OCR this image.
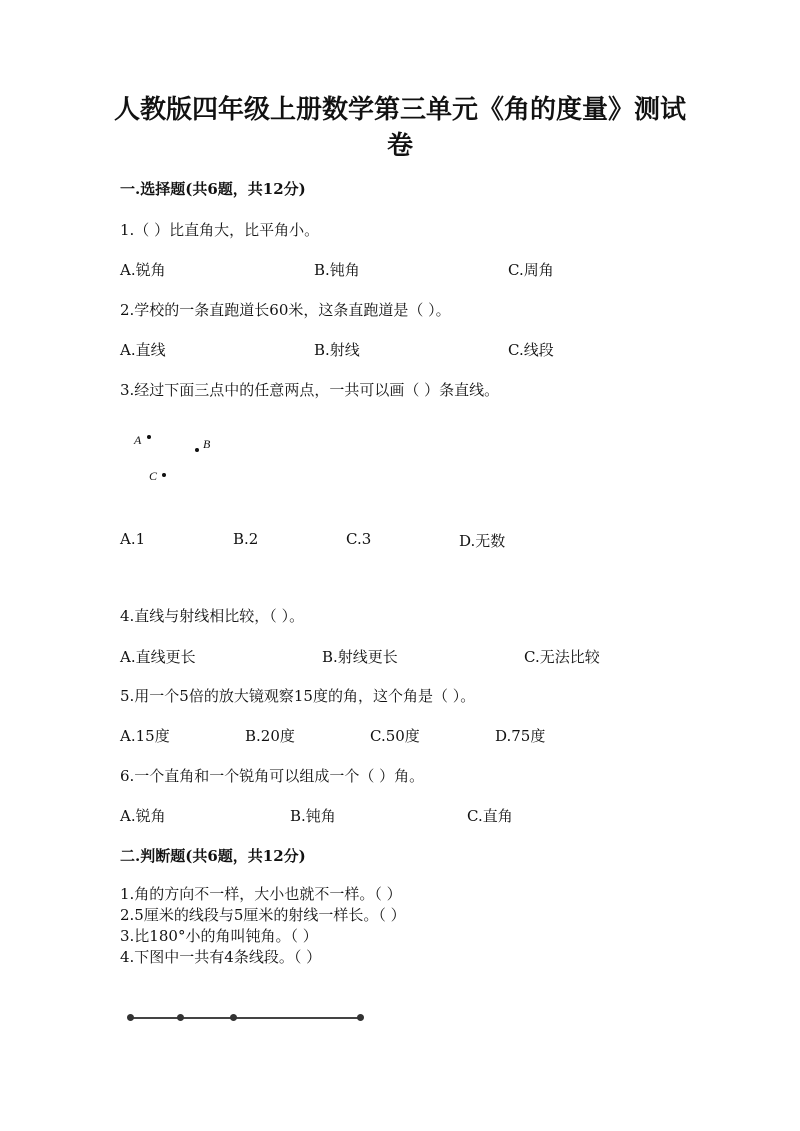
人教版四年级上册数学第三单元《角的度量》测试
卷
一.选择题(共6题，共12分)
1.（ ）比直角大，比平角小。
A.锐角	B.钝角	C.周角
2.学校的一条直跑道长60米，这条直跑道是（ ）。
A.直线	B.射线	C.线段
3.经过下面三点中的任意两点，一共可以画（ ）条直线。
A	B
C
A.1	B.2	C.3	D.无数
4.直线与射线相比较，（ ）。
A.直线更长	B.射线更长	C.无法比较
5.用一个5倍的放大镜观察15度的角，这个角是（ ）。
A.15度	B.20度	C.50度	D.75度
6.一个直角和一个锐角可以组成一个（ ）角。
A.锐角	B.钝角	C.直角
二.判断题(共6题，共12分)
1.角的方向不一样，大小也就不一样。（ ）
2.5厘米的线段与5厘米的射线一样长。（ ）
3.比180°小的角叫钝角。（ ）
4.下图中一共有4条线段。（ ）
